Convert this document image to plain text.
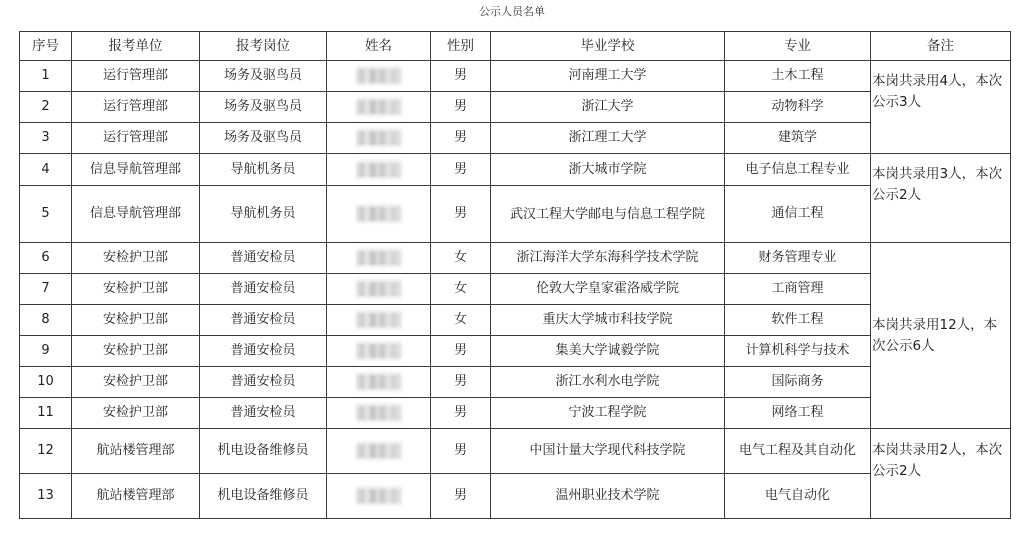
公示人员名单
序号	报考单位	报考岗位	姓名	性别	毕业学校	专业	备注
1	运行管理部	场务及驱鸟员		男	河南理工大学	土木工程	本岗共录用4人，本次公示3人

2	运行管理部	场务及驱鸟员		男	浙江大学	动物科学	
3	运行管理部	场务及驱鸟员		男	浙江理工大学	建筑学	
4	信息导航管理部	导航机务员		男	浙大城市学院	电子信息工程专业	本岗共录用3人，本次公示2人

5	信息导航管理部	导航机务员		男	武汉工程大学邮电与信息工程学院	通信工程	
6	安检护卫部	普通安检员		女	浙江海洋大学东海科学技术学院	财务管理专业	本岗共录用12人，本次公示6人

7	安检护卫部	普通安检员		女	伦敦大学皇家霍洛威学院	工商管理	
8	安检护卫部	普通安检员		女	重庆大学城市科技学院	软件工程	
9	安检护卫部	普通安检员		男	集美大学诚毅学院	计算机科学与技术	
10	安检护卫部	普通安检员		男	浙江水利水电学院	国际商务	
11	安检护卫部	普通安检员		男	宁波工程学院	网络工程	
12	航站楼管理部	机电设备维修员		男	中国计量大学现代科技学院	电气工程及其自动化	本岗共录用2人，本次公示2人

13	航站楼管理部	机电设备维修员		男	温州职业技术学院	电气自动化	
